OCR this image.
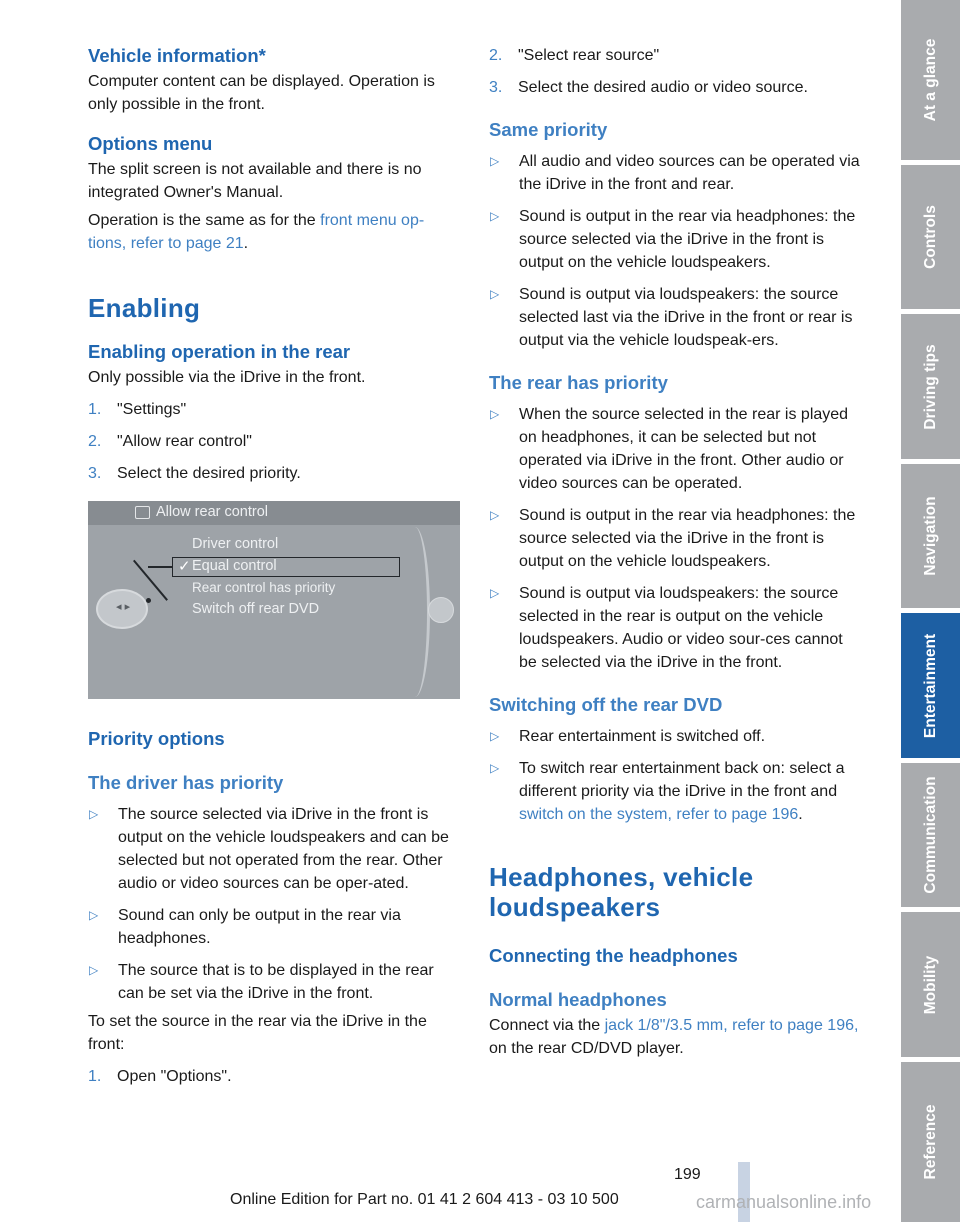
Vehicle information*
Computer content can be displayed. Operation is only possible in the front.
Options menu
The split screen is not available and there is no integrated Owner's Manual.
Operation is the same as for the front menu op‐tions, refer to page 21.
Enabling
Enabling operation in the rear
Only possible via the iDrive in the front.
1. "Settings"
2. "Allow rear control"
3. Select the desired priority.
Allow rear control
◂ ▸
✓
Driver control
Equal control
Rear control has priority
Switch off rear DVD
Priority options
The driver has priority
▷ The source selected via iDrive in the front is output on the vehicle loudspeakers and can be selected but not operated from the rear. Other audio or video sources can be oper‐ated.
▷ Sound can only be output in the rear via headphones.
▷ The source that is to be displayed in the rear can be set via the iDrive in the front.
To set the source in the rear via the iDrive in the front:
1. Open "Options".
2. "Select rear source"
3. Select the desired audio or video source.
Same priority
▷ All audio and video sources can be operated via the iDrive in the front and rear.
▷ Sound is output in the rear via headphones: the source selected via the iDrive in the front is output on the vehicle loudspeakers.
▷ Sound is output via loudspeakers: the source selected last via the iDrive in the front or rear is output via the vehicle loudspeak‐ers.
The rear has priority
▷ When the source selected in the rear is played on headphones, it can be selected but not operated via iDrive in the front. Other audio or video sources can be operated.
▷ Sound is output in the rear via headphones: the source selected via the iDrive in the front is output on the vehicle loudspeakers.
▷ Sound is output via loudspeakers: the source selected in the rear is output on the vehicle loudspeakers. Audio or video sour‐ces cannot be selected via the iDrive in the front.
Switching off the rear DVD
▷ Rear entertainment is switched off.
▷ To switch rear entertainment back on: select a different priority via the iDrive in the front and switch on the system, refer to page 196.
Headphones, vehicle loudspeakers
Connecting the headphones
Normal headphones
Connect via the jack 1/8"/3.5 mm, refer to page 196, on the rear CD/DVD player.
At a glance
Controls
Driving tips
Navigation
Entertainment
Communication
Mobility
Reference
199
Online Edition for Part no. 01 41 2 604 413 - 03 10 500	carmanualsonline.info
